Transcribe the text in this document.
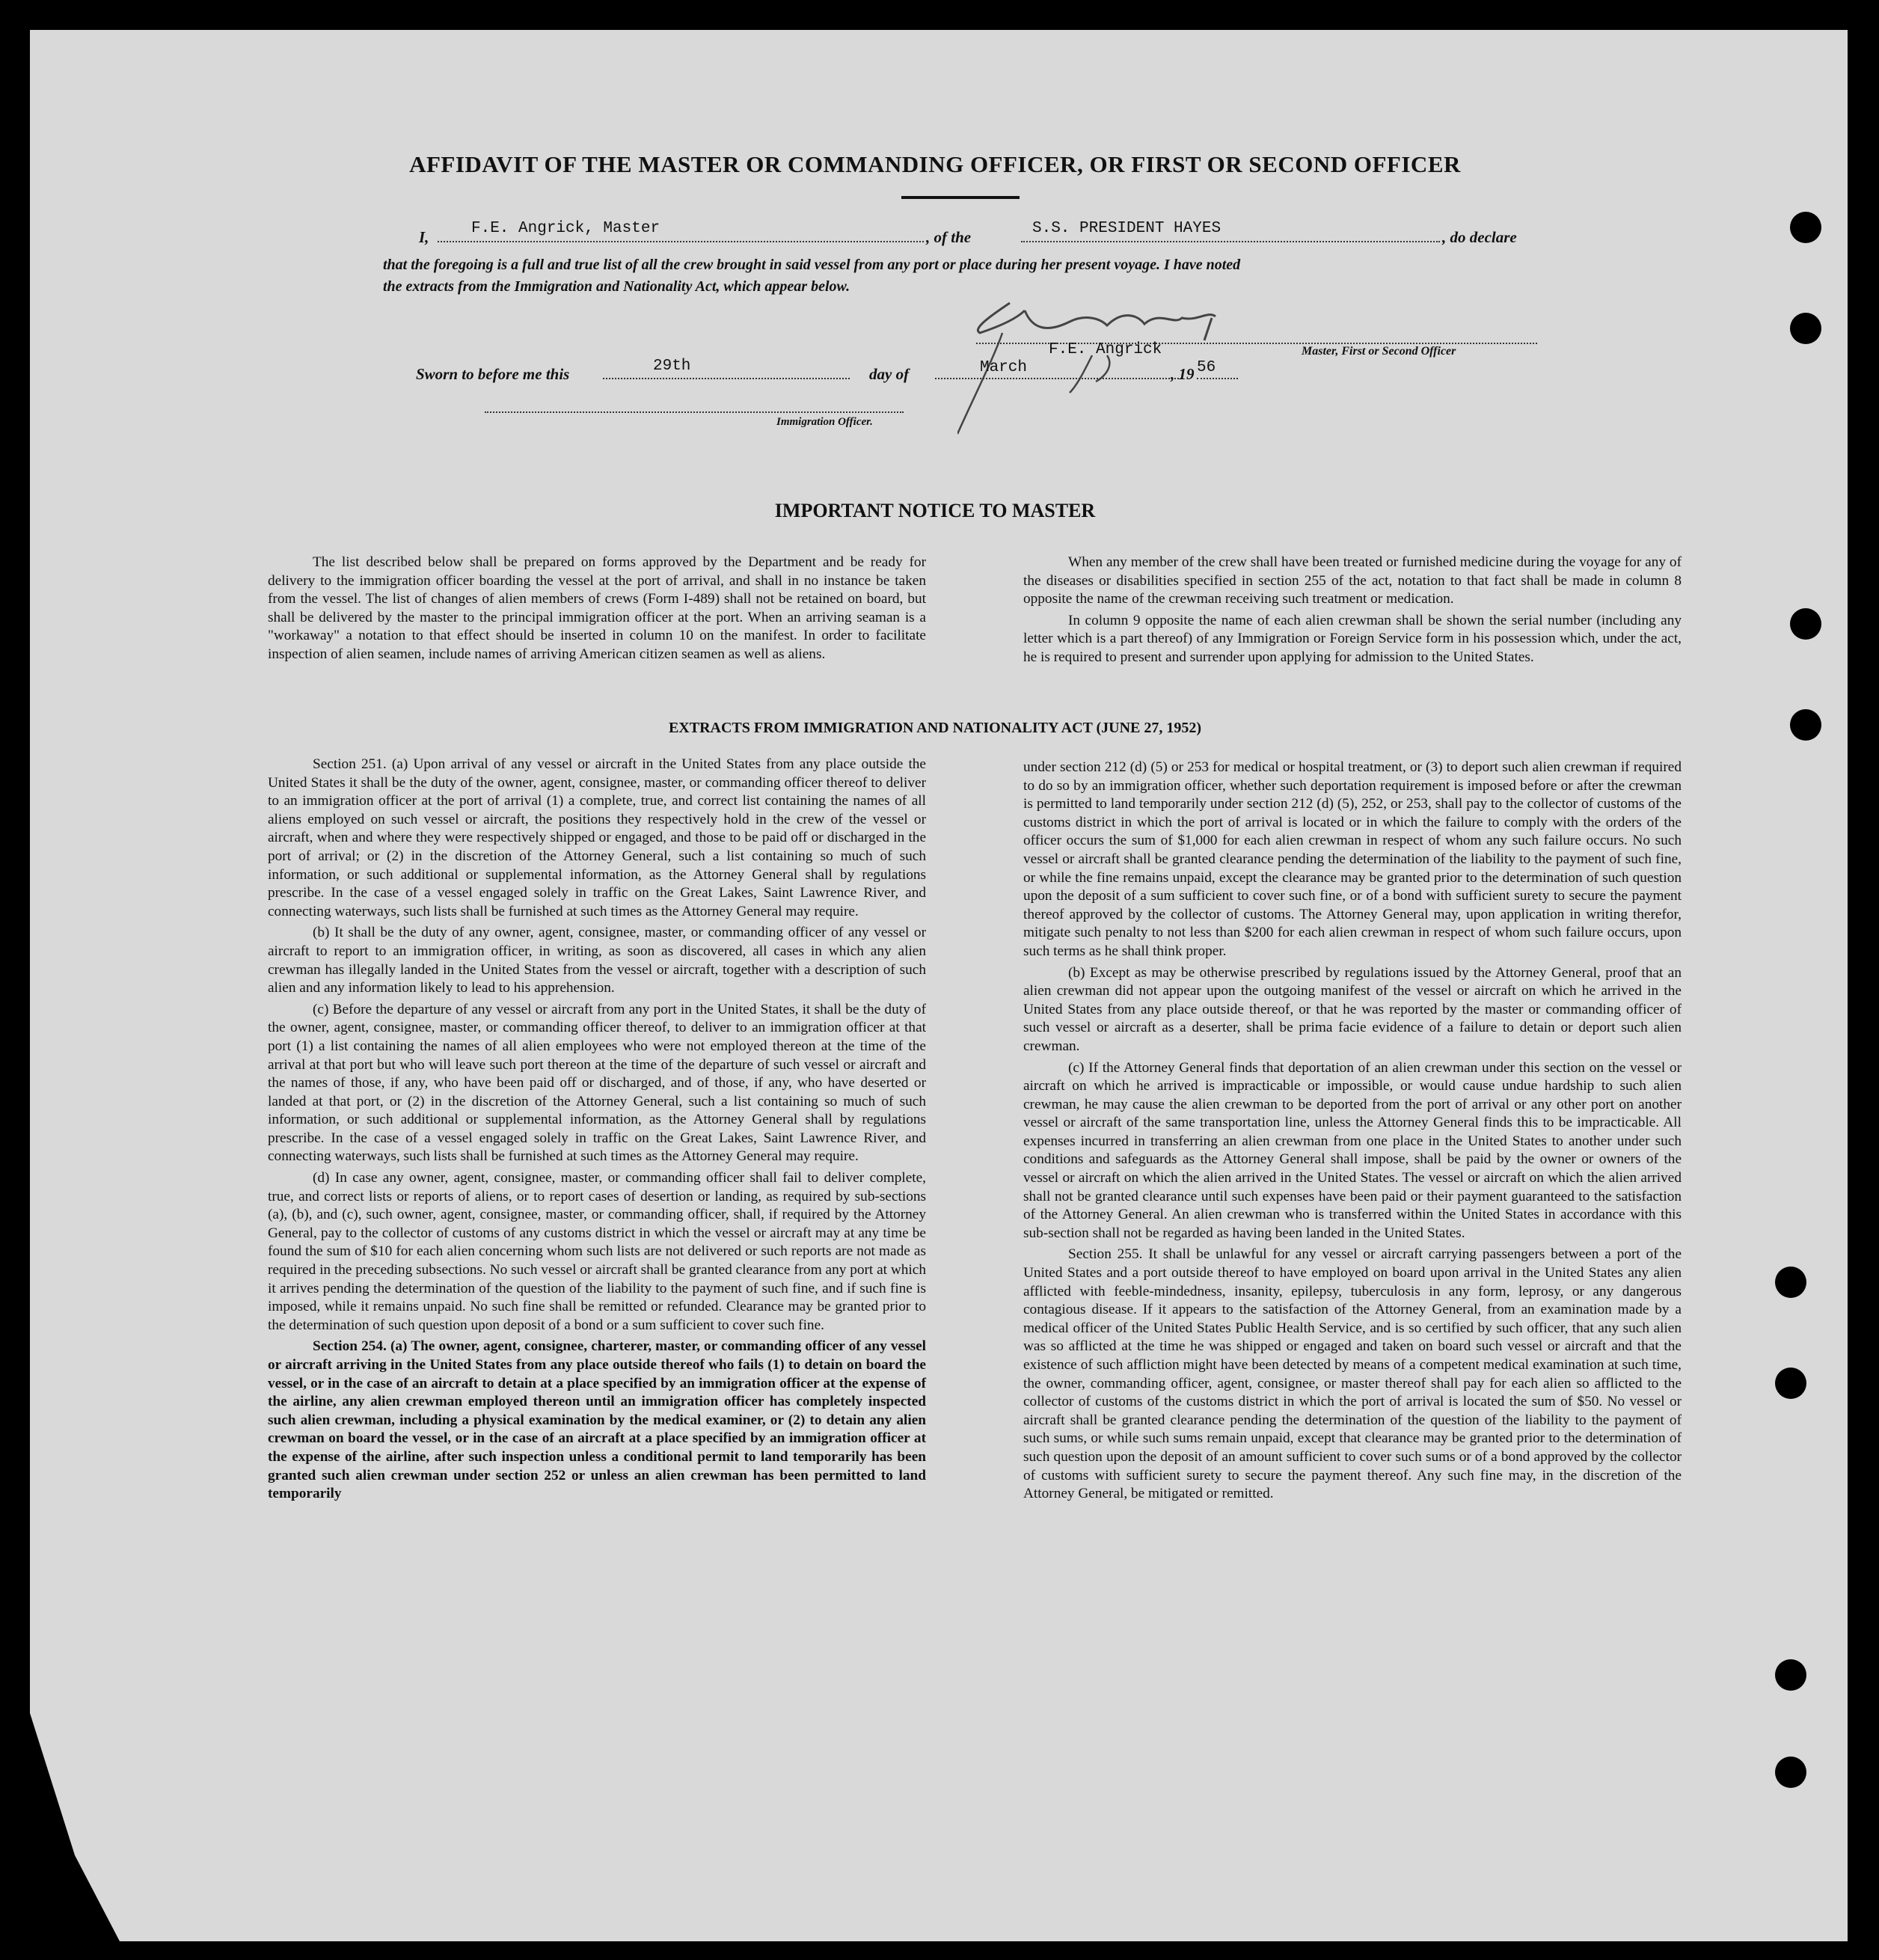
AFFIDAVIT OF THE MASTER OR COMMANDING OFFICER, OR FIRST OR SECOND OFFICER
I,	F.E. Angrick, Master	, of the	S.S. PRESIDENT HAYES	, do declare
that the foregoing is a full and true list of all the crew brought in said vessel from any port or place during her present voyage. I have noted
the extracts from the Immigration and Nationality Act, which appear below.
F.E. Angrick	Master, First or Second Officer
Sworn to before me this	29th	day of	March	, 19 56
Immigration Officer.
IMPORTANT NOTICE TO MASTER

The list described below shall be prepared on forms approved by the Department and be ready for delivery to the immigration officer boarding the vessel at the port of arrival, and shall in no instance be taken from the vessel. The list of changes of alien members of crews (Form I-489) shall not be retained on board, but shall be delivered by the master to the principal immigration officer at the port. When an arriving seaman is a "workaway" a notation to that effect should be inserted in column 10 on the manifest. In order to facilitate inspection of alien seamen, include names of arriving American citizen seamen as well as aliens.

When any member of the crew shall have been treated or furnished medicine during the voyage for any of the diseases or disabilities specified in section 255 of the act, notation to that fact shall be made in column 8 opposite the name of the crewman receiving such treatment or medication.

In column 9 opposite the name of each alien crewman shall be shown the serial number (including any letter which is a part thereof) of any Immigration or Foreign Service form in his possession which, under the act, he is required to present and surrender upon applying for admission to the United States.

EXTRACTS FROM IMMIGRATION AND NATIONALITY ACT (JUNE 27, 1952)

Section 251. (a) Upon arrival of any vessel or aircraft in the United States from any place outside the United States it shall be the duty of the owner, agent, consignee, master, or commanding officer thereof to deliver to an immigration officer at the port of arrival (1) a complete, true, and correct list containing the names of all aliens employed on such vessel or aircraft, the positions they respectively hold in the crew of the vessel or aircraft, when and where they were respectively shipped or engaged, and those to be paid off or discharged in the port of arrival; or (2) in the discretion of the Attorney General, such a list containing so much of such information, or such additional or supplemental information, as the Attorney General shall by regulations prescribe. In the case of a vessel engaged solely in traffic on the Great Lakes, Saint Lawrence River, and connecting waterways, such lists shall be furnished at such times as the Attorney General may require.

(b) It shall be the duty of any owner, agent, consignee, master, or commanding officer of any vessel or aircraft to report to an immigration officer, in writing, as soon as discovered, all cases in which any alien crewman has illegally landed in the United States from the vessel or aircraft, together with a description of such alien and any information likely to lead to his apprehension.

(c) Before the departure of any vessel or aircraft from any port in the United States, it shall be the duty of the owner, agent, consignee, master, or commanding officer thereof, to deliver to an immigration officer at that port (1) a list containing the names of all alien employees who were not employed thereon at the time of the arrival at that port but who will leave such port thereon at the time of the departure of such vessel or aircraft and the names of those, if any, who have been paid off or discharged, and of those, if any, who have deserted or landed at that port, or (2) in the discretion of the Attorney General, such a list containing so much of such information, or such additional or supplemental information, as the Attorney General shall by regulations prescribe. In the case of a vessel engaged solely in traffic on the Great Lakes, Saint Lawrence River, and connecting waterways, such lists shall be furnished at such times as the Attorney General may require.

(d) In case any owner, agent, consignee, master, or commanding officer shall fail to deliver complete, true, and correct lists or reports of aliens, or to report cases of desertion or landing, as required by sub-sections (a), (b), and (c), such owner, agent, consignee, master, or commanding officer, shall, if required by the Attorney General, pay to the collector of customs of any customs district in which the vessel or aircraft may at any time be found the sum of $10 for each alien concerning whom such lists are not delivered or such reports are not made as required in the preceding subsections. No such vessel or aircraft shall be granted clearance from any port at which it arrives pending the determination of the question of the liability to the payment of such fine, and if such fine is imposed, while it remains unpaid. No such fine shall be remitted or refunded. Clearance may be granted prior to the determination of such question upon deposit of a bond or a sum sufficient to cover such fine.

Section 254. (a) The owner, agent, consignee, charterer, master, or commanding officer of any vessel or aircraft arriving in the United States from any place outside thereof who fails (1) to detain on board the vessel, or in the case of an aircraft to detain at a place specified by an immigration officer at the expense of the airline, any alien crewman employed thereon until an immigration officer has completely inspected such alien crewman, including a physical examination by the medical examiner, or (2) to detain any alien crewman on board the vessel, or in the case of an aircraft at a place specified by an immigration officer at the expense of the airline, after such inspection unless a conditional permit to land temporarily has been granted such alien crewman under section 252 or unless an alien crewman has been permitted to land temporarily

under section 212 (d) (5) or 253 for medical or hospital treatment, or (3) to deport such alien crewman if required to do so by an immigration officer, whether such deportation requirement is imposed before or after the crewman is permitted to land temporarily under section 212 (d) (5), 252, or 253, shall pay to the collector of customs of the customs district in which the port of arrival is located or in which the failure to comply with the orders of the officer occurs the sum of $1,000 for each alien crewman in respect of whom any such failure occurs. No such vessel or aircraft shall be granted clearance pending the determination of the liability to the payment of such fine, or while the fine remains unpaid, except the clearance may be granted prior to the determination of such question upon the deposit of a sum sufficient to cover such fine, or of a bond with sufficient surety to secure the payment thereof approved by the collector of customs. The Attorney General may, upon application in writing therefor, mitigate such penalty to not less than $200 for each alien crewman in respect of whom such failure occurs, upon such terms as he shall think proper.

(b) Except as may be otherwise prescribed by regulations issued by the Attorney General, proof that an alien crewman did not appear upon the outgoing manifest of the vessel or aircraft on which he arrived in the United States from any place outside thereof, or that he was reported by the master or commanding officer of such vessel or aircraft as a deserter, shall be prima facie evidence of a failure to detain or deport such alien crewman.

(c) If the Attorney General finds that deportation of an alien crewman under this section on the vessel or aircraft on which he arrived is impracticable or impossible, or would cause undue hardship to such alien crewman, he may cause the alien crewman to be deported from the port of arrival or any other port on another vessel or aircraft of the same transportation line, unless the Attorney General finds this to be impracticable. All expenses incurred in transferring an alien crewman from one place in the United States to another under such conditions and safeguards as the Attorney General shall impose, shall be paid by the owner or owners of the vessel or aircraft on which the alien arrived in the United States. The vessel or aircraft on which the alien arrived shall not be granted clearance until such expenses have been paid or their payment guaranteed to the satisfaction of the Attorney General. An alien crewman who is transferred within the United States in accordance with this sub-section shall not be regarded as having been landed in the United States.

Section 255. It shall be unlawful for any vessel or aircraft carrying passengers between a port of the United States and a port outside thereof to have employed on board upon arrival in the United States any alien afflicted with feeble-mindedness, insanity, epilepsy, tuberculosis in any form, leprosy, or any dangerous contagious disease. If it appears to the satisfaction of the Attorney General, from an examination made by a medical officer of the United States Public Health Service, and is so certified by such officer, that any such alien was so afflicted at the time he was shipped or engaged and taken on board such vessel or aircraft and that the existence of such affliction might have been detected by means of a competent medical examination at such time, the owner, commanding officer, agent, consignee, or master thereof shall pay for each alien so afflicted to the collector of customs of the customs district in which the port of arrival is located the sum of $50. No vessel or aircraft shall be granted clearance pending the determination of the question of the liability to the payment of such sums, or while such sums remain unpaid, except that clearance may be granted prior to the determination of such question upon the deposit of an amount sufficient to cover such sums or of a bond approved by the collector of customs with sufficient surety to secure the payment thereof. Any such fine may, in the discretion of the Attorney General, be mitigated or remitted.
